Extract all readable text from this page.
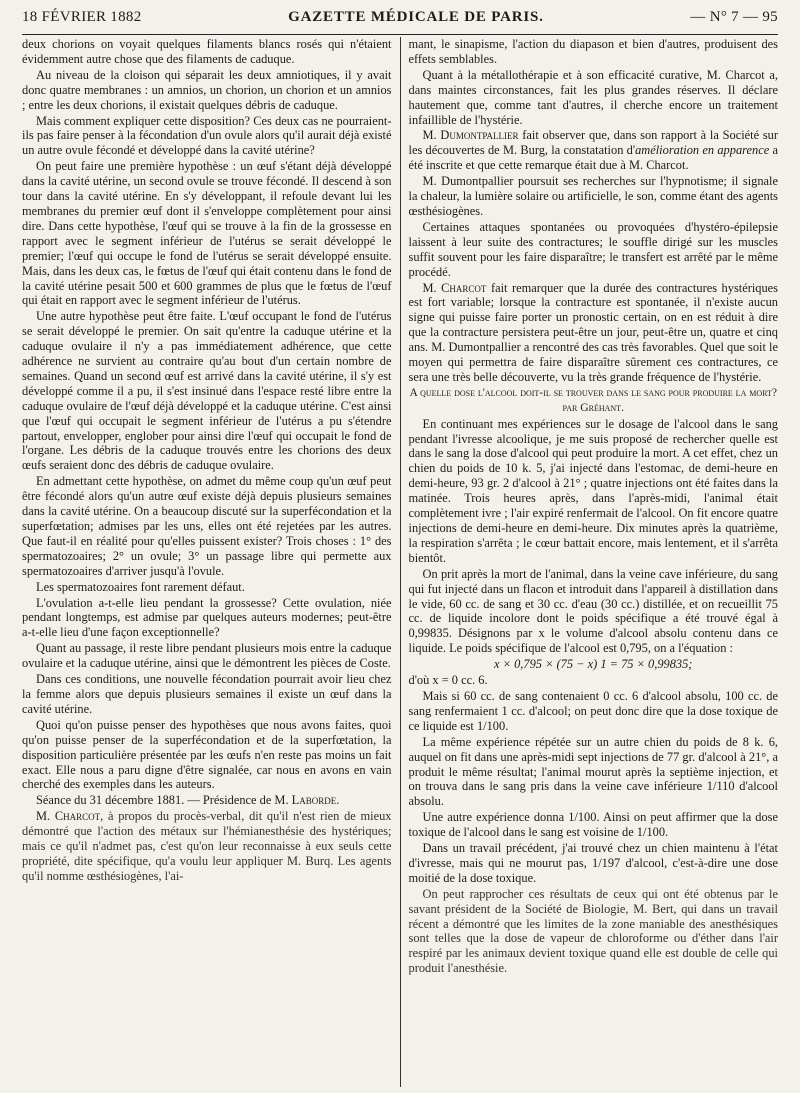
18 FÉVRIER 1882	GAZETTE MÉDICALE DE PARIS.	— N° 7 — 95

deux chorions on voyait quelques filaments blancs rosés qui n'étaient évidemment autre chose que des filaments de caduque.

Au niveau de la cloison qui séparait les deux amniotiques, il y avait donc quatre membranes : un amnios, un chorion, un chorion et un amnios ; entre les deux chorions, il existait quelques débris de caduque.

Mais comment expliquer cette disposition? Ces deux cas ne pourraient-ils pas faire penser à la fécondation d'un ovule alors qu'il aurait déjà existé un autre ovule fécondé et développé dans la cavité utérine?

On peut faire une première hypothèse : un œuf s'étant déjà développé dans la cavité utérine, un second ovule se trouve fécondé. Il descend à son tour dans la cavité utérine. En s'y développant, il refoule devant lui les membranes du premier œuf dont il s'enveloppe complètement pour ainsi dire. Dans cette hypothèse, l'œuf qui se trouve à la fin de la grossesse en rapport avec le segment inférieur de l'utérus se serait développé le premier; l'œuf qui occupe le fond de l'utérus se serait développé ensuite. Mais, dans les deux cas, le fœtus de l'œuf qui était contenu dans le fond de la cavité utérine pesait 500 et 600 grammes de plus que le fœtus de l'œuf qui était en rapport avec le segment inférieur de l'utérus.

Une autre hypothèse peut être faite. L'œuf occupant le fond de l'utérus se serait développé le premier. On sait qu'entre la caduque utérine et la caduque ovulaire il n'y a pas immédiatement adhérence, que cette adhérence ne survient au contraire qu'au bout d'un certain nombre de semaines. Quand un second œuf est arrivé dans la cavité utérine, il s'y est développé comme il a pu, il s'est insinué dans l'espace resté libre entre la caduque ovulaire de l'œuf déjà développé et la caduque utérine. C'est ainsi que l'œuf qui occupait le segment inférieur de l'utérus a pu s'étendre partout, envelopper, englober pour ainsi dire l'œuf qui occupait le fond de l'organe. Les débris de la caduque trouvés entre les chorions des deux œufs seraient donc des débris de caduque ovulaire.

En admettant cette hypothèse, on admet du même coup qu'un œuf peut être fécondé alors qu'un autre œuf existe déjà depuis plusieurs semaines dans la cavité utérine. On a beaucoup discuté sur la superfécondation et la superfœtation; admises par les uns, elles ont été rejetées par les autres. Que faut-il en réalité pour qu'elles puissent exister? Trois choses : 1° des spermatozoaires; 2° un ovule; 3° un passage libre qui permette aux spermatozoaires d'arriver jusqu'à l'ovule.

Les spermatozoaires font rarement défaut.

L'ovulation a-t-elle lieu pendant la grossesse? Cette ovulation, niée pendant longtemps, est admise par quelques auteurs modernes; peut-être a-t-elle lieu d'une façon exceptionnelle?

Quant au passage, il reste libre pendant plusieurs mois entre la caduque ovulaire et la caduque utérine, ainsi que le démontrent les pièces de Coste.

Dans ces conditions, une nouvelle fécondation pourrait avoir lieu chez la femme alors que depuis plusieurs semaines il existe un œuf dans la cavité utérine.

Quoi qu'on puisse penser des hypothèses que nous avons faites, quoi qu'on puisse penser de la superfécondation et de la superfœtation, la disposition particulière présentée par les œufs n'en reste pas moins un fait exact. Elle nous a paru digne d'être signalée, car nous en avons en vain cherché des exemples dans les auteurs.

Séance du 31 décembre 1881. — Présidence de M. Laborde.

M. Charcot, à propos du procès-verbal, dit qu'il n'est rien de mieux démontré que l'action des métaux sur l'hémianesthésie des hystériques; mais ce qu'il n'admet pas, c'est qu'on leur reconnaisse à eux seuls cette propriété, dite spécifique, qu'a voulu leur appliquer M. Burq. Les agents qu'il nomme œsthésiogènes, l'ai-

mant, le sinapisme, l'action du diapason et bien d'autres, produisent des effets semblables.

Quant à la métallothérapie et à son efficacité curative, M. Charcot a, dans maintes circonstances, fait les plus grandes réserves. Il déclare hautement que, comme tant d'autres, il cherche encore un traitement infaillible de l'hystérie.

M. Dumontpallier fait observer que, dans son rapport à la Société sur les découvertes de M. Burg, la constatation d'amélioration en apparence a été inscrite et que cette remarque était due à M. Charcot.

M. Dumontpallier poursuit ses recherches sur l'hypnotisme; il signale la chaleur, la lumière solaire ou artificielle, le son, comme étant des agents œsthésiogènes.

Certaines attaques spontanées ou provoquées d'hystéro-épilepsie laissent à leur suite des contractures; le souffle dirigé sur les muscles suffit souvent pour les faire disparaître; le transfert est arrêté par le même procédé.

M. Charcot fait remarquer que la durée des contractures hystériques est fort variable; lorsque la contracture est spontanée, il n'existe aucun signe qui puisse faire porter un pronostic certain, on en est réduit à dire que la contracture persistera peut-être un jour, peut-être un, quatre et cinq ans. M. Dumontpallier a rencontré des cas très favorables. Quel que soit le moyen qui permettra de faire disparaître sûrement ces contractures, ce sera une très belle découverte, vu la très grande fréquence de l'hystérie.

A quelle dose l'alcool doit-il se trouver dans le sang pour produire la mort? par Gréhant.

En continuant mes expériences sur le dosage de l'alcool dans le sang pendant l'ivresse alcoolique, je me suis proposé de rechercher quelle est dans le sang la dose d'alcool qui peut produire la mort. A cet effet, chez un chien du poids de 10 k. 5, j'ai injecté dans l'estomac, de demi-heure en demi-heure, 93 gr. 2 d'alcool à 21° ; quatre injections ont été faites dans la matinée. Trois heures après, dans l'après-midi, l'animal était complètement ivre ; l'air expiré renfermait de l'alcool. On fit encore quatre injections de demi-heure en demi-heure. Dix minutes après la quatrième, la respiration s'arrêta ; le cœur battait encore, mais lentement, et il s'arrêta bientôt.

On prit après la mort de l'animal, dans la veine cave inférieure, du sang qui fut injecté dans un flacon et introduit dans l'appareil à distillation dans le vide, 60 cc. de sang et 30 cc. d'eau (30 cc.) distillée, et on recueillit 75 cc. de liquide incolore dont le poids spécifique a été trouvé égal à 0,99835. Désignons par x le volume d'alcool absolu contenu dans ce liquide. Le poids spécifique de l'alcool est 0,795, on a l'équation :

x × 0,795 × (75 − x) 1 = 75 × 0,99835;

d'où x = 0 cc. 6.

Mais si 60 cc. de sang contenaient 0 cc. 6 d'alcool absolu, 100 cc. de sang renfermaient 1 cc. d'alcool; on peut donc dire que la dose toxique de ce liquide est 1/100.

La même expérience répétée sur un autre chien du poids de 8 k. 6, auquel on fit dans une après-midi sept injections de 77 gr. d'alcool à 21°, a produit le même résultat; l'animal mourut après la septième injection, et on trouva dans le sang pris dans la veine cave inférieure 1/110 d'alcool absolu.

Une autre expérience donna 1/100. Ainsi on peut affirmer que la dose toxique de l'alcool dans le sang est voisine de 1/100.

Dans un travail précédent, j'ai trouvé chez un chien maintenu à l'état d'ivresse, mais qui ne mourut pas, 1/197 d'alcool, c'est-à-dire une dose moitié de la dose toxique.

On peut rapprocher ces résultats de ceux qui ont été obtenus par le savant président de la Société de Biologie, M. Bert, qui dans un travail récent a démontré que les limites de la zone maniable des anesthésiques sont telles que la dose de vapeur de chloroforme ou d'éther dans l'air respiré par les animaux devient toxique quand elle est double de celle qui produit l'anesthésie.
